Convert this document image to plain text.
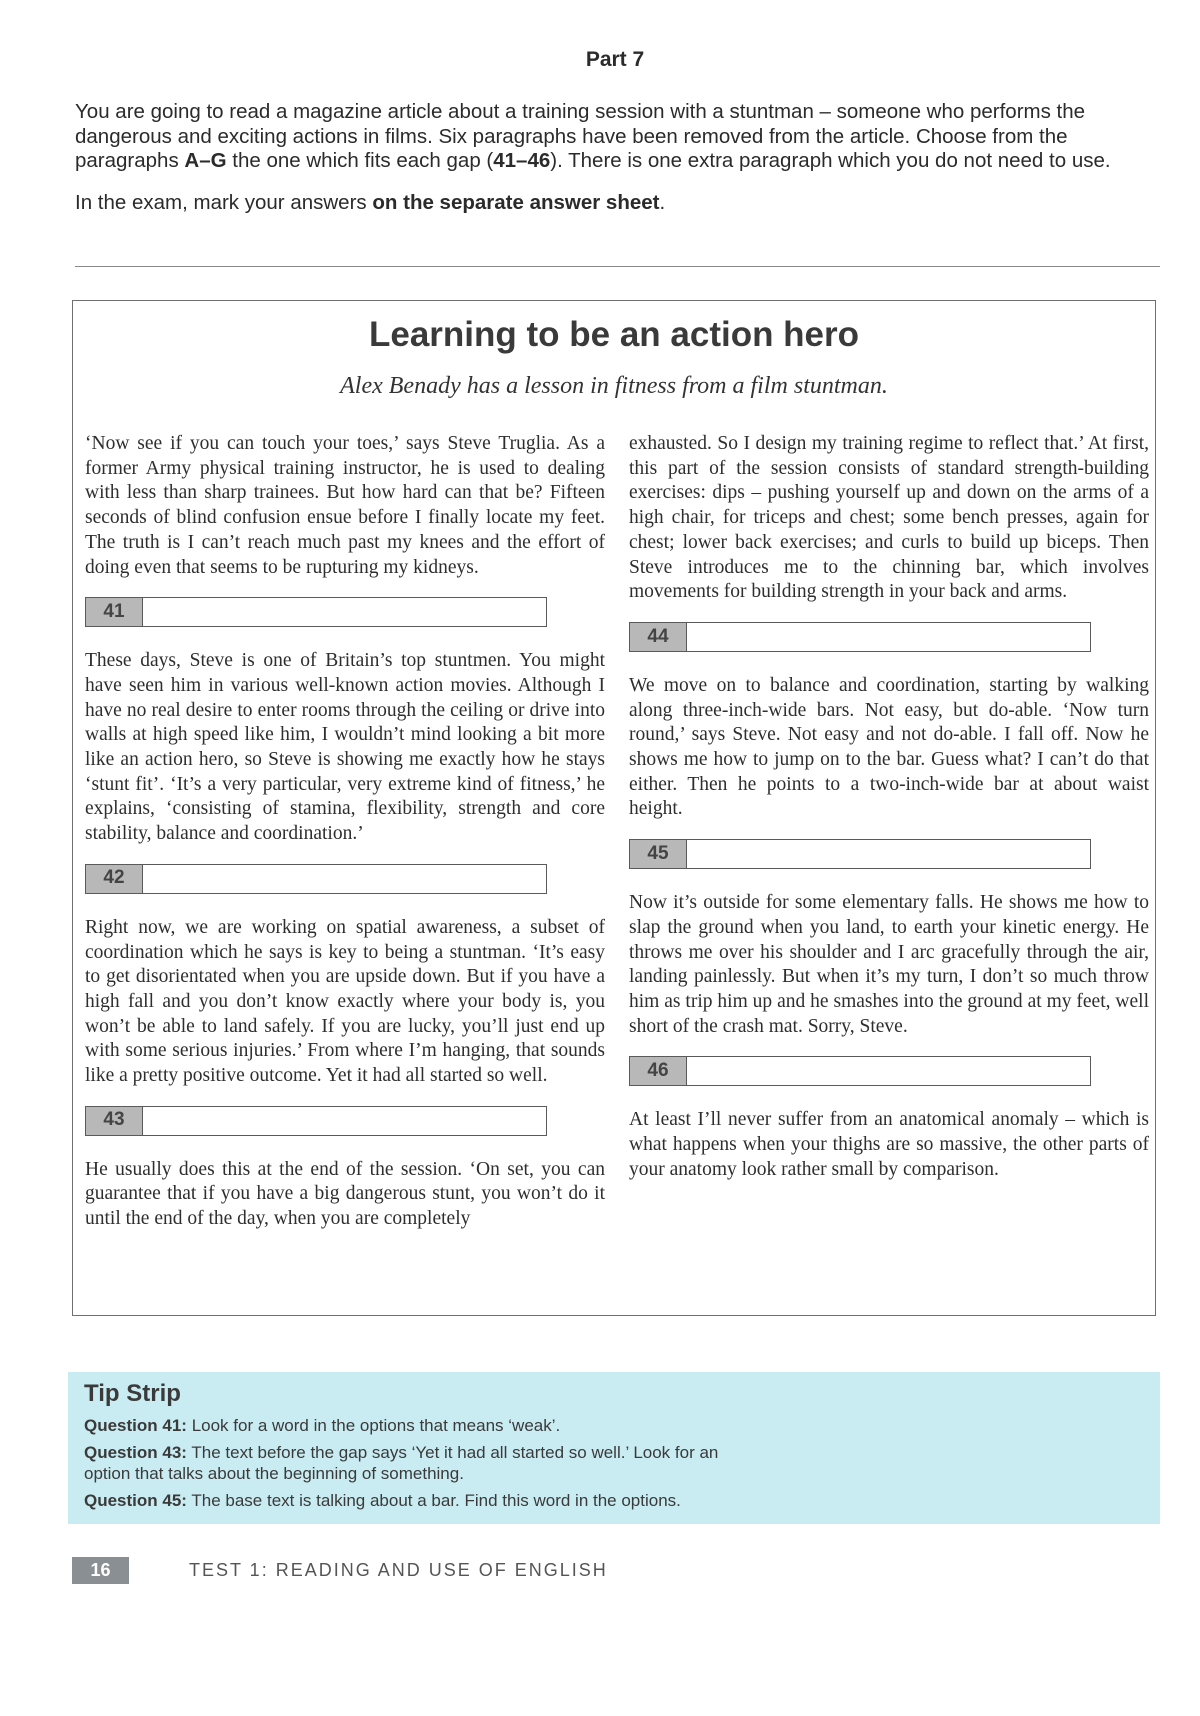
Part 7

You are going to read a magazine article about a training session with a stuntman – someone who performs the dangerous and exciting actions in films. Six paragraphs have been removed from the article. Choose from the paragraphs A–G the one which fits each gap (41–46). There is one extra paragraph which you do not need to use.

In the exam, mark your answers on the separate answer sheet.

Learning to be an action hero
Alex Benady has a lesson in fitness from a film stuntman.

‘Now see if you can touch your toes,’ says Steve Truglia. As a former Army physical training instructor, he is used to dealing with less than sharp trainees. But how hard can that be? Fifteen seconds of blind confusion ensue before I finally locate my feet. The truth is I can’t reach much past my knees and the effort of doing even that seems to be rupturing my kidneys.

41

These days, Steve is one of Britain’s top stuntmen. You might have seen him in various well-known action movies. Although I have no real desire to enter rooms through the ceiling or drive into walls at high speed like him, I wouldn’t mind looking a bit more like an action hero, so Steve is showing me exactly how he stays ‘stunt fit’. ‘It’s a very particular, very extreme kind of fitness,’ he explains, ‘consisting of stamina, flexibility, strength and core stability, balance and coordination.’

42

Right now, we are working on spatial awareness, a subset of coordination which he says is key to being a stuntman. ‘It’s easy to get disorientated when you are upside down. But if you have a high fall and you don’t know exactly where your body is, you won’t be able to land safely. If you are lucky, you’ll just end up with some serious injuries.’ From where I’m hanging, that sounds like a pretty positive outcome. Yet it had all started so well.

43

He usually does this at the end of the session. ‘On set, you can guarantee that if you have a big dangerous stunt, you won’t do it until the end of the day, when you are completely

exhausted. So I design my training regime to reflect that.’ At first, this part of the session consists of standard strength-building exercises: dips – pushing yourself up and down on the arms of a high chair, for triceps and chest; some bench presses, again for chest; lower back exercises; and curls to build up biceps. Then Steve introduces me to the chinning bar, which involves movements for building strength in your back and arms.

44

We move on to balance and coordination, starting by walking along three-inch-wide bars. Not easy, but do-able. ‘Now turn round,’ says Steve. Not easy and not do-able. I fall off. Now he shows me how to jump on to the bar. Guess what? I can’t do that either. Then he points to a two-inch-wide bar at about waist height.

45

Now it’s outside for some elementary falls. He shows me how to slap the ground when you land, to earth your kinetic energy. He throws me over his shoulder and I arc gracefully through the air, landing painlessly. But when it’s my turn, I don’t so much throw him as trip him up and he smashes into the ground at my feet, well short of the crash mat. Sorry, Steve.

46

At least I’ll never suffer from an anatomical anomaly – which is what happens when your thighs are so massive, the other parts of your anatomy look rather small by comparison.

Tip Strip
Question 41: Look for a word in the options that means ‘weak’.
Question 43: The text before the gap says ‘Yet it had all started so well.’ Look for an option that talks about the beginning of something.
Question 45: The base text is talking about a bar. Find this word in the options.
16	TEST 1: READING AND USE OF ENGLISH
